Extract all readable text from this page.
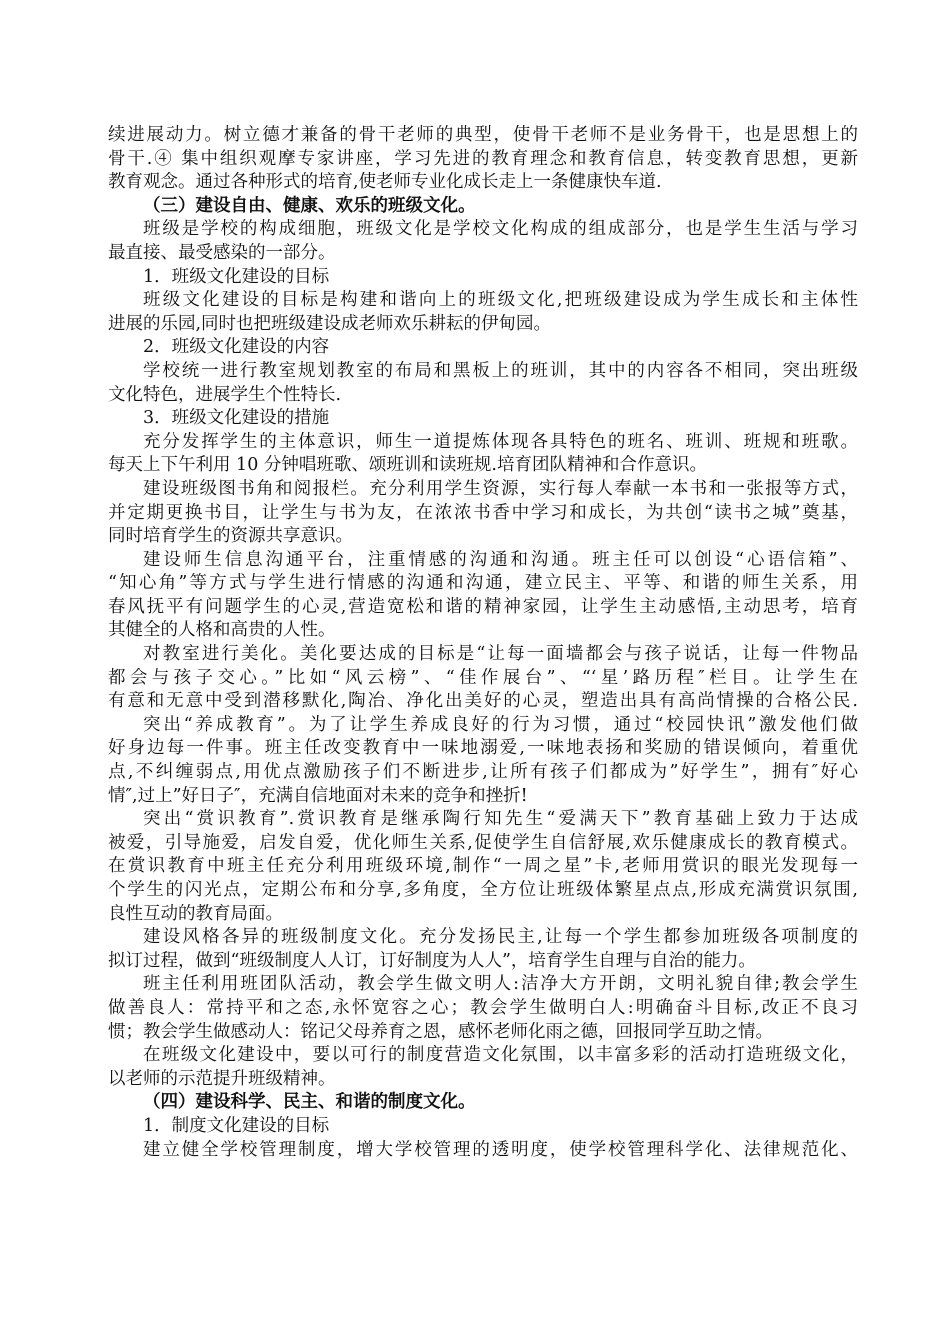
续进展动力。树立德才兼备的骨干老师的典型，使骨干老师不是业务骨干，也是思想上的
骨干.④ 集中组织观摩专家讲座，学习先进的教育理念和教育信息，转变教育思想，更新
教育观念。通过各种形式的培育,使老师专业化成长走上一条健康快车道.
（三）建设自由、健康、欢乐的班级文化。
班级是学校的构成细胞，班级文化是学校文化构成的组成部分，也是学生生活与学习
最直接、最受感染的一部分。
1．班级文化建设的目标
班级文化建设的目标是构建和谐向上的班级文化,把班级建设成为学生成长和主体性
进展的乐园,同时也把班级建设成老师欢乐耕耘的伊甸园。
2．班级文化建设的内容
学校统一进行教室规划教室的布局和黑板上的班训，其中的内容各不相同，突出班级
文化特色，进展学生个性特长.
3．班级文化建设的措施
充分发挥学生的主体意识，师生一道提炼体现各具特色的班名、班训、班规和班歌。
每天上下午利用 10 分钟唱班歌、颂班训和读班规.培育团队精神和合作意识。
建设班级图书角和阅报栏。充分利用学生资源，实行每人奉献一本书和一张报等方式，
并定期更换书目，让学生与书为友，在浓浓书香中学习和成长，为共创“读书之城”奠基，
同时培育学生的资源共享意识。
建设师生信息沟通平台，注重情感的沟通和沟通。班主任可以创设“心语信箱”、
“知心角”等方式与学生进行情感的沟通和沟通，建立民主、平等、和谐的师生关系，用
春风抚平有问题学生的心灵,营造宽松和谐的精神家园，让学生主动感悟,主动思考，培育
其健全的人格和高贵的人性。
对教室进行美化。美化要达成的目标是“让每一面墙都会与孩子说话，让每一件物品
都会与孩子交心。”比如“风云榜”、“佳作展台”、“‘星’路历程″栏目。让学生在
有意和无意中受到潜移默化,陶冶、净化出美好的心灵，塑造出具有高尚情操的合格公民.
突出“养成教育”。为了让学生养成良好的行为习惯，通过“校园快讯”激发他们做
好身边每一件事。班主任改变教育中一味地溺爱,一味地表扬和奖励的错误倾向，着重优
点,不纠缠弱点,用优点激励孩子们不断进步,让所有孩子们都成为”好学生”，拥有″好心
情″,过上”好日子″，充满自信地面对未来的竞争和挫折!
突出“赏识教育”.赏识教育是继承陶行知先生“爱满天下”教育基础上致力于达成
被爱，引导施爱，启发自爱，优化师生关系,促使学生自信舒展,欢乐健康成长的教育模式。
在赏识教育中班主任充分利用班级环境,制作“一周之星”卡,老师用赏识的眼光发现每一
个学生的闪光点，定期公布和分享,多角度，全方位让班级体繁星点点,形成充满赏识氛围,
良性互动的教育局面。
建设风格各异的班级制度文化。充分发扬民主,让每一个学生都参加班级各项制度的
拟订过程，做到“班级制度人人订，订好制度为人人”，培育学生自理与自治的能力。
班主任利用班团队活动，教会学生做文明人:洁净大方开朗，文明礼貌自律;教会学生
做善良人：常持平和之态,永怀宽容之心；教会学生做明白人:明确奋斗目标,改正不良习
惯；教会学生做感动人：铭记父母养育之恩，感怀老师化雨之德，回报同学互助之情。
在班级文化建设中，要以可行的制度营造文化氛围，以丰富多彩的活动打造班级文化，
以老师的示范提升班级精神。
（四）建设科学、民主、和谐的制度文化。
1．制度文化建设的目标
建立健全学校管理制度，增大学校管理的透明度，使学校管理科学化、法律规范化、
